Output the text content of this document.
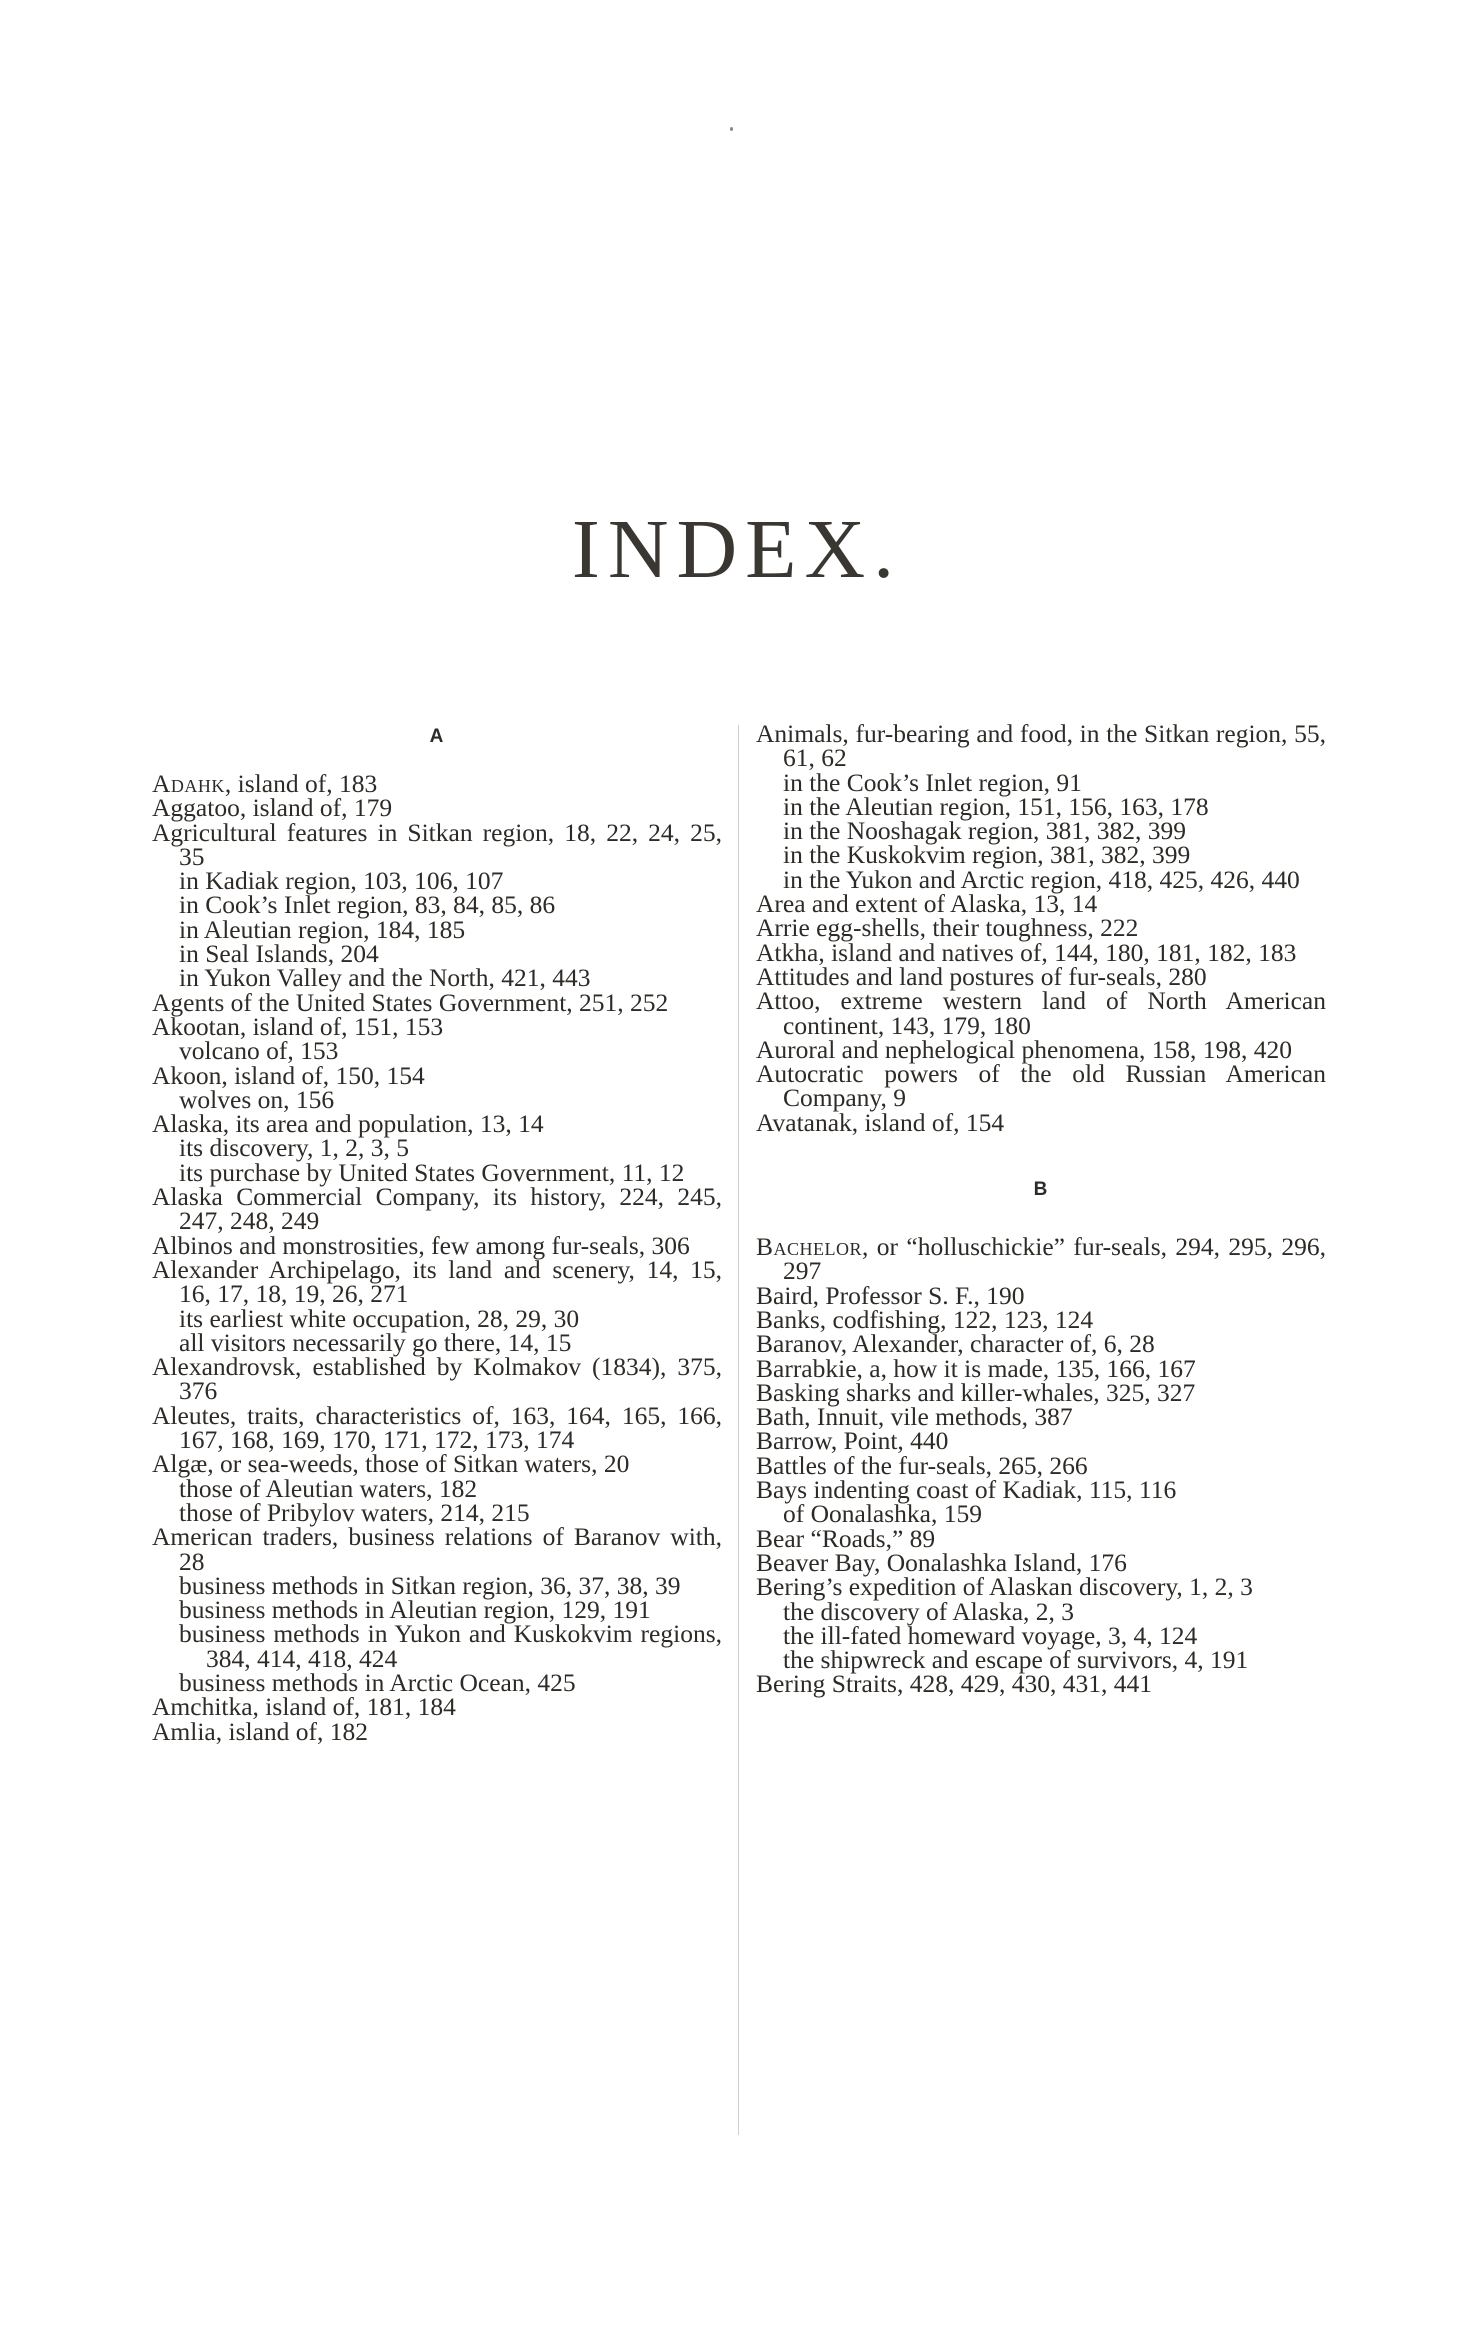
INDEX.
A
Adahk, island of, 183
Aggatoo, island of, 179
Agricultural features in Sitkan region, 18, 22, 24, 25, 35
in Kadiak region, 103, 106, 107
in Cook’s Inlet region, 83, 84, 85, 86
in Aleutian region, 184, 185
in Seal Islands, 204
in Yukon Valley and the North, 421, 443
Agents of the United States Government, 251, 252
Akootan, island of, 151, 153
volcano of, 153
Akoon, island of, 150, 154
wolves on, 156
Alaska, its area and population, 13, 14
its discovery, 1, 2, 3, 5
its purchase by United States Government, 11, 12
Alaska Commercial Company, its history, 224, 245, 247, 248, 249
Albinos and monstrosities, few among fur-seals, 306
Alexander Archipelago, its land and scenery, 14, 15, 16, 17, 18, 19, 26, 271
its earliest white occupation, 28, 29, 30
all visitors necessarily go there, 14, 15
Alexandrovsk, established by Kolmakov (1834), 375, 376
Aleutes, traits, characteristics of, 163, 164, 165, 166, 167, 168, 169, 170, 171, 172, 173, 174
Algæ, or sea-weeds, those of Sitkan waters, 20
those of Aleutian waters, 182
those of Pribylov waters, 214, 215
American traders, business relations of Baranov with, 28
business methods in Sitkan region, 36, 37, 38, 39
business methods in Aleutian region, 129, 191
business methods in Yukon and Kuskokvim regions, 384, 414, 418, 424
business methods in Arctic Ocean, 425
Amchitka, island of, 181, 184
Amlia, island of, 182
Animals, fur-bearing and food, in the Sitkan region, 55, 61, 62
in the Cook’s Inlet region, 91
in the Aleutian region, 151, 156, 163, 178
in the Nooshagak region, 381, 382, 399
in the Kuskokvim region, 381, 382, 399
in the Yukon and Arctic region, 418, 425, 426, 440
Area and extent of Alaska, 13, 14
Arrie egg-shells, their toughness, 222
Atkha, island and natives of, 144, 180, 181, 182, 183
Attitudes and land postures of fur-seals, 280
Attoo, extreme western land of North American continent, 143, 179, 180
Auroral and nephelogical phenomena, 158, 198, 420
Autocratic powers of the old Russian American Company, 9
Avatanak, island of, 154
B
Bachelor, or “holluschickie” fur-seals, 294, 295, 296, 297
Baird, Professor S. F., 190
Banks, codfishing, 122, 123, 124
Baranov, Alexander, character of, 6, 28
Barrabkie, a, how it is made, 135, 166, 167
Basking sharks and killer-whales, 325, 327
Bath, Innuit, vile methods, 387
Barrow, Point, 440
Battles of the fur-seals, 265, 266
Bays indenting coast of Kadiak, 115, 116
of Oonalashka, 159
Bear “Roads,” 89
Beaver Bay, Oonalashka Island, 176
Bering’s expedition of Alaskan discovery, 1, 2, 3
the discovery of Alaska, 2, 3
the ill-fated homeward voyage, 3, 4, 124
the shipwreck and escape of survivors, 4, 191
Bering Straits, 428, 429, 430, 431, 441
